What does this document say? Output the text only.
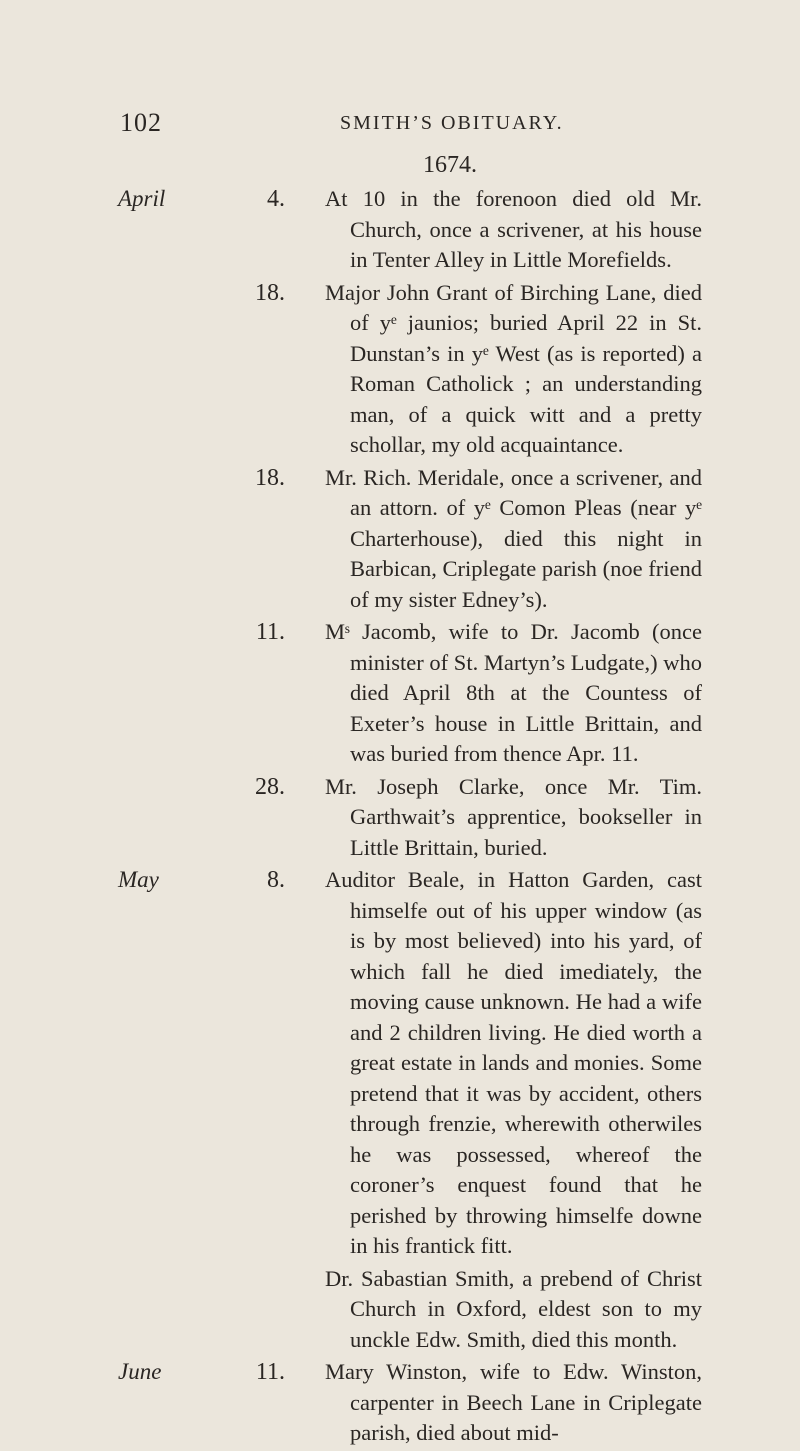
102	SMITH’S OBITUARY.
1674.
April	4. At 10 in the forenoon died old Mr. Church, once a scrivener, at his house in Tenter Alley in Little Morefields.
18. Major John Grant of Birching Lane, died of yᵉ jaunios; buried April 22 in St. Dunstan’s in yᵉ West (as is reported) a Roman Catholick ; an understanding man, of a quick witt and a pretty schollar, my old acquaintance.
18. Mr. Rich. Meridale, once a scrivener, and an attorn. of yᵉ Comon Pleas (near yᵉ Charterhouse), died this night in Barbican, Criplegate parish (noe friend of my sister Edney’s).
11. Mˢ Jacomb, wife to Dr. Jacomb (once minister of St. Martyn’s Ludgate,) who died April 8th at the Countess of Exeter’s house in Little Brittain, and was buried from thence Apr. 11.
28. Mr. Joseph Clarke, once Mr. Tim. Garthwait’s apprentice, bookseller in Little Brittain, buried.
May	8. Auditor Beale, in Hatton Garden, cast himselfe out of his upper window (as is by most believed) into his yard, of which fall he died imediately, the moving cause unknown. He had a wife and 2 children living. He died worth a great estate in lands and monies. Some pretend that it was by accident, others through frenzie, wherewith otherwiles he was possessed, whereof the coroner’s enquest found that he perished by throwing himselfe downe in his frantick fitt.
Dr. Sabastian Smith, a prebend of Christ Church in Oxford, eldest son to my unckle Edw. Smith, died this month.
June	11. Mary Winston, wife to Edw. Winston, carpenter in Beech Lane in Criplegate parish, died about mid-
